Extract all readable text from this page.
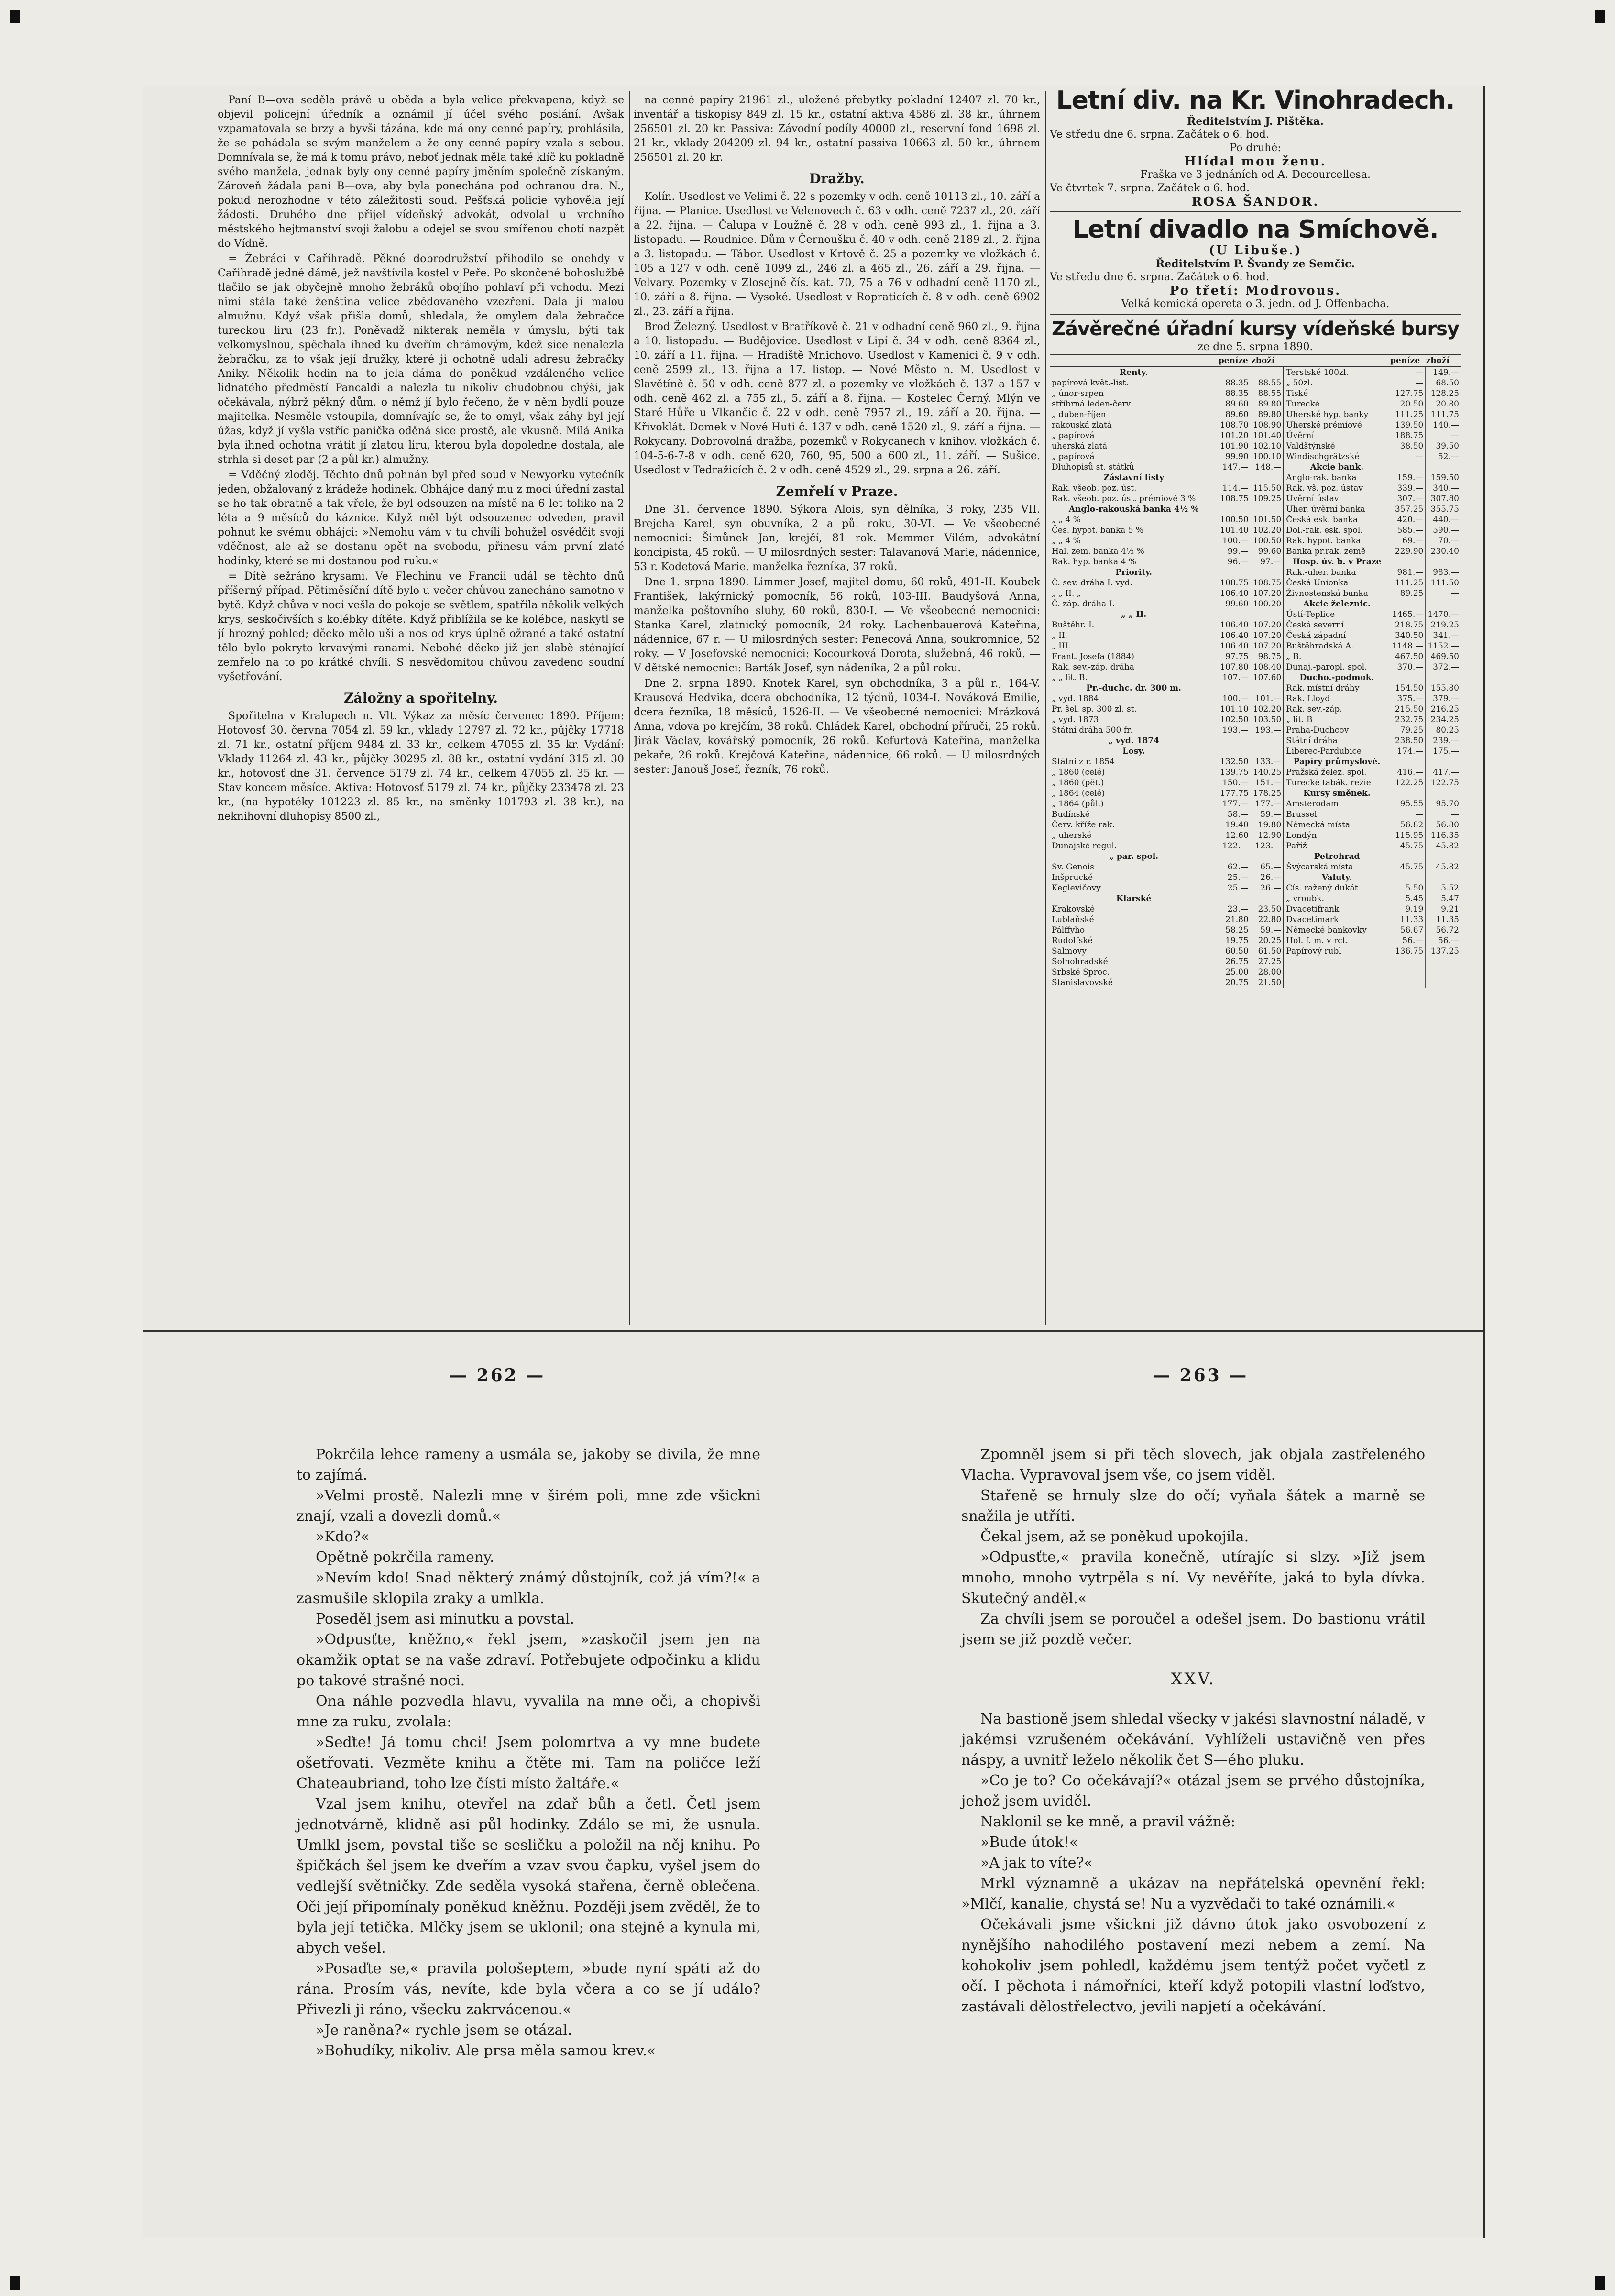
Paní B—ova seděla právě u oběda a byla velice překvapena, když se objevil policejní úředník a oznámil jí účel svého poslání. Avšak vzpamatovala se brzy a byvši tázána, kde má ony cenné papíry, prohlásila, že se pohádala se svým manželem a že ony cenné papíry vzala s sebou. Domnívala se, že má k tomu právo, neboť jednak měla také klíč ku pokladně svého manžela, jednak byly ony cenné papíry jměním společně získaným. Zároveň žádala paní B—ova, aby byla ponechána pod ochranou dra. N., pokud nerozhodne v této záležitosti soud. Pešťská policie vyhověla její žádosti. Druhého dne přijel vídeňský advokát, odvolal u vrchního městského hejtmanství svoji žalobu a odejel se svou smířenou chotí nazpět do Vídně.

= Žebráci v Caříhradě. Pěkné dobrodružství přihodilo se onehdy v Cařihradě jedné dámě, jež navštívila kostel v Peře. Po skončené bohoslužbě tlačilo se jak obyčejně mnoho žebráků obojího pohlaví při vchodu. Mezi nimi stála také ženština velice zbědovaného vzezření. Dala jí malou almužnu. Když však přišla domů, shledala, že omylem dala žebračce tureckou liru (23 fr.). Poněvadž nikterak neměla v úmyslu, býti tak velkomyslnou, spěchala ihned ku dveřím chrámovým, kdež sice nenalezla žebračku, za to však její družky, které ji ochotně udali adresu žebračky Aniky. Několik hodin na to jela dáma do poněkud vzdáleného velice lidnatého předměstí Pancaldi a nalezla tu nikoliv chudobnou chýši, jak očekávala, nýbrž pěkný dům, o němž jí bylo řečeno, že v něm bydlí pouze majitelka. Nesměle vstoupila, domnívajíc se, že to omyl, však záhy byl její úžas, když jí vyšla vstříc panička oděná sice prostě, ale vkusně. Milá Anika byla ihned ochotna vrátit jí zlatou liru, kterou byla dopoledne dostala, ale strhla si deset par (2 a půl kr.) almužny.

= Vděčný zloděj. Těchto dnů pohnán byl před soud v Newyorku vytečník jeden, obžalovaný z krádeže hodinek. Obhájce daný mu z moci úřední zastal se ho tak obratně a tak vřele, že byl odsouzen na místě na 6 let toliko na 2 léta a 9 měsíců do káznice. Když měl být odsouzenec odveden, pravil pohnut ke svému obhájci: »Nemohu vám v tu chvíli bohužel osvědčit svoji vděčnost, ale až se dostanu opět na svobodu, přinesu vám první zlaté hodinky, které se mi dostanou pod ruku.«

= Dítě sežráno krysami. Ve Flechinu ve Francii udál se těchto dnů příšerný případ. Pětiměsíční dítě bylo u večer chůvou zanecháno samotno v bytě. Když chůva v noci vešla do pokoje se světlem, spatřila několik velkých krys, seskočivších s kolébky dítěte. Když přiblížila se ke kolébce, naskytl se jí hrozný pohled; děcko mělo uši a nos od krys úplně ožrané a také ostatní tělo bylo pokryto krvavými ranami. Nebohé děcko již jen slabě sténající zemřelo na to po krátké chvíli. S nesvědomitou chůvou zavedeno soudní vyšetřování.

Záložny a spořitelny.

Spořitelna v Kralupech n. Vlt. Výkaz za měsíc červenec 1890. Příjem: Hotovosť 30. června 7054 zl. 59 kr., vklady 12797 zl. 72 kr., půjčky 17718 zl. 71 kr., ostatní příjem 9484 zl. 33 kr., celkem 47055 zl. 35 kr. Vydání: Vklady 11264 zl. 43 kr., půjčky 30295 zl. 88 kr., ostatní vydání 315 zl. 30 kr., hotovosť dne 31. července 5179 zl. 74 kr., celkem 47055 zl. 35 kr. — Stav koncem měsíce. Aktiva: Hotovosť 5179 zl. 74 kr., půjčky 233478 zl. 23 kr., (na hypotéky 101223 zl. 85 kr., na směnky 101793 zl. 38 kr.), na neknihovní dluhopisy 8500 zl.,

na cenné papíry 21961 zl., uložené přebytky pokladní 12407 zl. 70 kr., inventář a tiskopisy 849 zl. 15 kr., ostatní aktiva 4586 zl. 38 kr., úhrnem 256501 zl. 20 kr. Passiva: Závodní podíly 40000 zl., reservní fond 1698 zl. 21 kr., vklady 204209 zl. 94 kr., ostatní passiva 10663 zl. 50 kr., úhrnem 256501 zl. 20 kr.

Dražby.

Kolín. Usedlost ve Velimi č. 22 s pozemky v odh. ceně 10113 zl., 10. září a řijna. — Planice. Usedlost ve Velenovech č. 63 v odh. ceně 7237 zl., 20. září a 22. řijna. — Čalupa v Loužně č. 28 v odh. ceně 993 zl., 1. řijna a 3. listopadu. — Roudnice. Dům v Černoušku č. 40 v odh. ceně 2189 zl., 2. řijna a 3. listopadu. — Tábor. Usedlost v Krtově č. 25 a pozemky ve vložkách č. 105 a 127 v odh. ceně 1099 zl., 246 zl. a 465 zl., 26. září a 29. řijna. — Velvary. Pozemky v Zlosejně čís. kat. 70, 75 a 76 v odhadní ceně 1170 zl., 10. září a 8. řijna. — Vysoké. Usedlost v Ropraticích č. 8 v odh. ceně 6902 zl., 23. září a řijna.

Brod Železný. Usedlost v Bratříkově č. 21 v odhadní ceně 960 zl., 9. řijna a 10. listopadu. — Budějovice. Usedlost v Lipí č. 34 v odh. ceně 8364 zl., 10. září a 11. řijna. — Hradiště Mnichovo. Usedlost v Kamenici č. 9 v odh. ceně 2599 zl., 13. řijna a 17. listop. — Nové Město n. M. Usedlost v Slavětíně č. 50 v odh. ceně 877 zl. a pozemky ve vložkách č. 137 a 157 v odh. ceně 462 zl. a 755 zl., 5. září a 8. řijna. — Kostelec Černý. Mlýn ve Staré Hůře u Vlkančic č. 22 v odh. ceně 7957 zl., 19. září a 20. řijna. — Křivoklát. Domek v Nové Huti č. 137 v odh. ceně 1520 zl., 9. září a řijna. — Rokycany. Dobrovolná dražba, pozemků v Rokycanech v knihov. vložkách č. 104-5-6-7-8 v odh. ceně 620, 760, 95, 500 a 600 zl., 11. září. — Sušice. Usedlost v Tedražicích č. 2 v odh. ceně 4529 zl., 29. srpna a 26. září.

Zemřelí v Praze.

Dne 31. července 1890. Sýkora Alois, syn dělníka, 3 roky, 235 VII. Brejcha Karel, syn obuvníka, 2 a půl roku, 30-VI. — Ve všeobecné nemocnici: Šimůnek Jan, krejčí, 81 rok. Memmer Vilém, advokátní koncipista, 45 roků. — U milosrdných sester: Talavanová Marie, nádennice, 53 r. Kodetová Marie, manželka řezníka, 37 roků.

Dne 1. srpna 1890. Limmer Josef, majitel domu, 60 roků, 491-II. Koubek František, lakýrnický pomocník, 56 roků, 103-III. Baudyšová Anna, manželka poštovního sluhy, 60 roků, 830-I. — Ve všeobecné nemocnici: Stanka Karel, zlatnický pomocník, 24 roky. Lachenbauerová Kateřina, nádennice, 67 r. — U milosrdných sester: Penecová Anna, soukromnice, 52 roky. — V Josefovské nemocnici: Kocourková Dorota, služebná, 46 roků. — V dětské nemocnici: Barták Josef, syn nádeníka, 2 a půl roku.

Dne 2. srpna 1890. Knotek Karel, syn obchodníka, 3 a půl r., 164-V. Krausová Hedvika, dcera obchodníka, 12 týdnů, 1034-I. Nováková Emilie, dcera řezníka, 18 měsíců, 1526-II. — Ve všeobecné nemocnici: Mrázková Anna, vdova po krejčím, 38 roků. Chládek Karel, obchodní příruči, 25 roků. Jirák Václav, kovářský pomocník, 26 roků. Kefurtová Kateřina, manželka pekaře, 26 roků. Krejčová Kateřina, nádennice, 66 roků. — U milosrdných sester: Janouš Josef, řezník, 76 roků.

Letní div. na Kr. Vinohradech.
Ředitelstvím J. Pištěka.
Ve středu dne 6. srpna. Začátek o 6. hod.
Po druhé:
Hlídal mou ženu.
Fraška ve 3 jednáních od A. Decourcellesa.
Ve čtvrtek 7. srpna. Začátek o 6. hod.
ROSA ŠANDOR.
Letní divadlo na Smíchově.
(U Libuše.)
Ředitelstvím P. Švandy ze Semčic.
Ve středu dne 6. srpna. Začátek o 6. hod.
Po třetí: Modrovous.
Velká komická opereta o 3. jedn. od J. Offenbacha.
Závěrečné úřadní kursy vídeňské bursy
ze dne 5. srpna 1890.
	peníze	zboží		peníze	zboží
Renty.			Terstské 100zl.	—	149.—
papírová květ.-list.	88.35	88.55	„ 50zl.	—	68.50
„ únor-srpen	88.35	88.55	Tiské	127.75	128.25
stříbrná leden-červ.	89.60	89.80	Turecké	20.50	20.80
„ duben-říjen	89.60	89.80	Uherské hyp. banky	111.25	111.75
rakouská zlatá	108.70	108.90	Uherské prémiové	139.50	140.—
„ papírová	101.20	101.40	Úvěrní	188.75	—
uherská zlatá	101.90	102.10	Valdštýnské	38.50	39.50
„ papírová	99.90	100.10	Windischgrätzské	—	52.—
Dluhopisů st. státků	147.—	148.—	Akcie bank.		
Zástavní listy			Anglo-rak. banka	159.—	159.50
Rak. všeob. poz. úst.	114.—	115.50	Rak. vš. poz. ústav	339.—	340.—
Rak. všeob. poz. úst. prémiové 3 %	108.75	109.25	Úvěrní ústav	307.—	307.80
Anglo-rakouská banka 4½ %			Uher. úvěrní banka	357.25	355.75
„ „ 4 %	100.50	101.50	Česká esk. banka	420.—	440.—
Čes. hypot. banka 5 %	101.40	102.20	Dol.-rak. esk. spol.	585.—	590.—
„ „ 4 %	100.—	100.50	Rak. hypot. banka	69.—	70.—
Hal. zem. banka 4½ %	99.—	99.60	Banka pr.rak. země	229.90	230.40
Rak. hyp. banka 4 %	96.—	97.—	Hosp. úv. b. v Praze		
Priority.			Rak.-uher. banka	981.—	983.—
Č. sev. dráha I. vyd.	108.75	108.75	Česká Unionka	111.25	111.50
„ „ II. „	106.40	107.20	Živnostenská banka	89.25	—
Č. záp. dráha I.	99.60	100.20	Akcie železnic.		
„ „ II.			Ústí-Teplice	1465.—	1470.—
Buštěhr. I.	106.40	107.20	Česká severní	218.75	219.25
„ II.	106.40	107.20	Česká západní	340.50	341.—
„ III.	106.40	107.20	Buštěhradská A.	1148.—	1152.—
Frant. Josefa (1884)	97.75	98.75	„ B.	467.50	469.50
Rak. sev.-záp. dráha	107.80	108.40	Dunaj.-paropl. spol.	370.—	372.—
„ „ lit. B.	107.—	107.60	Ducho.-podmok.		
Pr.-duchc. dr. 300 m.			Rak. místní dráhy	154.50	155.80
„ vyd. 1884	100.—	101.—	Rak. Lloyd	375.—	379.—
Pr. šel. sp. 300 zl. st.	101.10	102.20	Rak. sev.-záp.	215.50	216.25
„ vyd. 1873	102.50	103.50	„ lit. B	232.75	234.25
Státní dráha 500 fr.	193.—	193.—	Praha-Duchcov	79.25	80.25
„ vyd. 1874			Státní dráha	238.50	239.—
Losy.			Liberec-Pardubice	174.—	175.—
Státní z r. 1854	132.50	133.—	Papíry průmyslové.		
„ 1860 (celé)	139.75	140.25	Pražská želez. spol.	416.—	417.—
„ 1860 (pět.)	150.—	151.—	Turecké tabák. režie	122.25	122.75
„ 1864 (celé)	177.75	178.25	Kursy směnek.		
„ 1864 (půl.)	177.—	177.—	Amsterodam	95.55	95.70
Budínské	58.—	59.—	Brussel	—	—
Červ. kříže rak.	19.40	19.80	Německá místa	56.82	56.80
„ uherské	12.60	12.90	Londýn	115.95	116.35
Dunajské regul.	122.—	123.—	Paříž	45.75	45.82
„ par. spol.			Petrohrad		
Sv. Genois	62.—	65.—	Švýcarská místa	45.75	45.82
Inšprucké	25.—	26.—	Valuty.		
Keglevičovy	25.—	26.—	Cís. ražený dukát	5.50	5.52
Klarské			„ vroubk.	5.45	5.47
Krakovské	23.—	23.50	Dvacetifrank	9.19	9.21
Lublaňské	21.80	22.80	Dvacetimark	11.33	11.35
Pálffyho	58.25	59.—	Německé bankovky	56.67	56.72
Rudolfské	19.75	20.25	Hol. f. m. v rct.	56.—	56.—
Salmovy	60.50	61.50	Papírový rubl	136.75	137.25
Solnohradské	26.75	27.25			
Srbské Sproc.	25.00	28.00			
Stanislavovské	20.75	21.50			
— 262 —	— 263 —

Pokrčila lehce rameny a usmála se, jakoby se divila, že mne to zajímá.

»Velmi prostě. Nalezli mne v širém poli, mne zde všickni znají, vzali a dovezli domů.«

»Kdo?«

Opětně pokrčila rameny.

»Nevím kdo! Snad některý známý důstojník, což já vím?!« a zasmušile sklopila zraky a umlkla.

Poseděl jsem asi minutku a povstal.

»Odpusťte, kněžno,« řekl jsem, »zaskočil jsem jen na okamžik optat se na vaše zdraví. Potřebujete odpočinku a klidu po takové strašné noci.

Ona náhle pozvedla hlavu, vyvalila na mne oči, a chopivši mne za ruku, zvolala:

»Seďte! Já tomu chci! Jsem polomrtva a vy mne budete ošetřovati. Vezměte knihu a čtěte mi. Tam na poličce leží Chateaubriand, toho lze čísti místo žaltáře.«

Vzal jsem knihu, otevřel na zdař bůh a četl. Četl jsem jednotvárně, klidně asi půl hodinky. Zdálo se mi, že usnula. Umlkl jsem, povstal tiše se sesličku a položil na něj knihu. Po špičkách šel jsem ke dveřím a vzav svou čapku, vyšel jsem do vedlejší světničky. Zde seděla vysoká stařena, černě oblečena. Oči její připomínaly poněkud kněžnu. Později jsem zvěděl, že to byla její tetička. Mlčky jsem se uklonil; ona stejně a kynula mi, abych vešel.

»Posaďte se,« pravila pološeptem, »bude nyní spáti až do rána. Prosím vás, nevíte, kde byla včera a co se jí událo? Přivezli ji ráno, všecku zakrvácenou.«

»Je raněna?« rychle jsem se otázal.

»Bohudíky, nikoliv. Ale prsa měla samou krev.«

Zpomněl jsem si při těch slovech, jak objala zastřeleného Vlacha. Vypravoval jsem vše, co jsem viděl.

Stařeně se hrnuly slze do očí; vyňala šátek a marně se snažila je utříti.

Čekal jsem, až se poněkud upokojila.

»Odpusťte,« pravila konečně, utírajíc si slzy. »Již jsem mnoho, mnoho vytrpěla s ní. Vy nevěříte, jaká to byla dívka. Skutečný anděl.«

Za chvíli jsem se poroučel a odešel jsem. Do bastionu vrátil jsem se již pozdě večer.

XXV.

Na bastioně jsem shledal všecky v jakési slavnostní náladě, v jakémsi vzrušeném očekávání. Vyhlíželi ustavičně ven přes náspy, a uvnitř leželo několik čet S—ého pluku.

»Co je to? Co očekávají?« otázal jsem se prvého důstojníka, jehož jsem uviděl.

Naklonil se ke mně, a pravil vážně:

»Bude útok!«

»A jak to víte?«

Mrkl významně a ukázav na nepřátelská opevnění řekl: »Mlčí, kanalie, chystá se! Nu a vyzvědači to také oznámili.«

Očekávali jsme všickni již dávno útok jako osvobození z nynějšího nahodilého postavení mezi nebem a zemí. Na kohokoliv jsem pohledl, každému jsem tentýž počet vyčetl z očí. I pěchota i námořníci, kteří když potopili vlastní loďstvo, zastávali dělostřelectvo, jevili napjetí a očekávání.
